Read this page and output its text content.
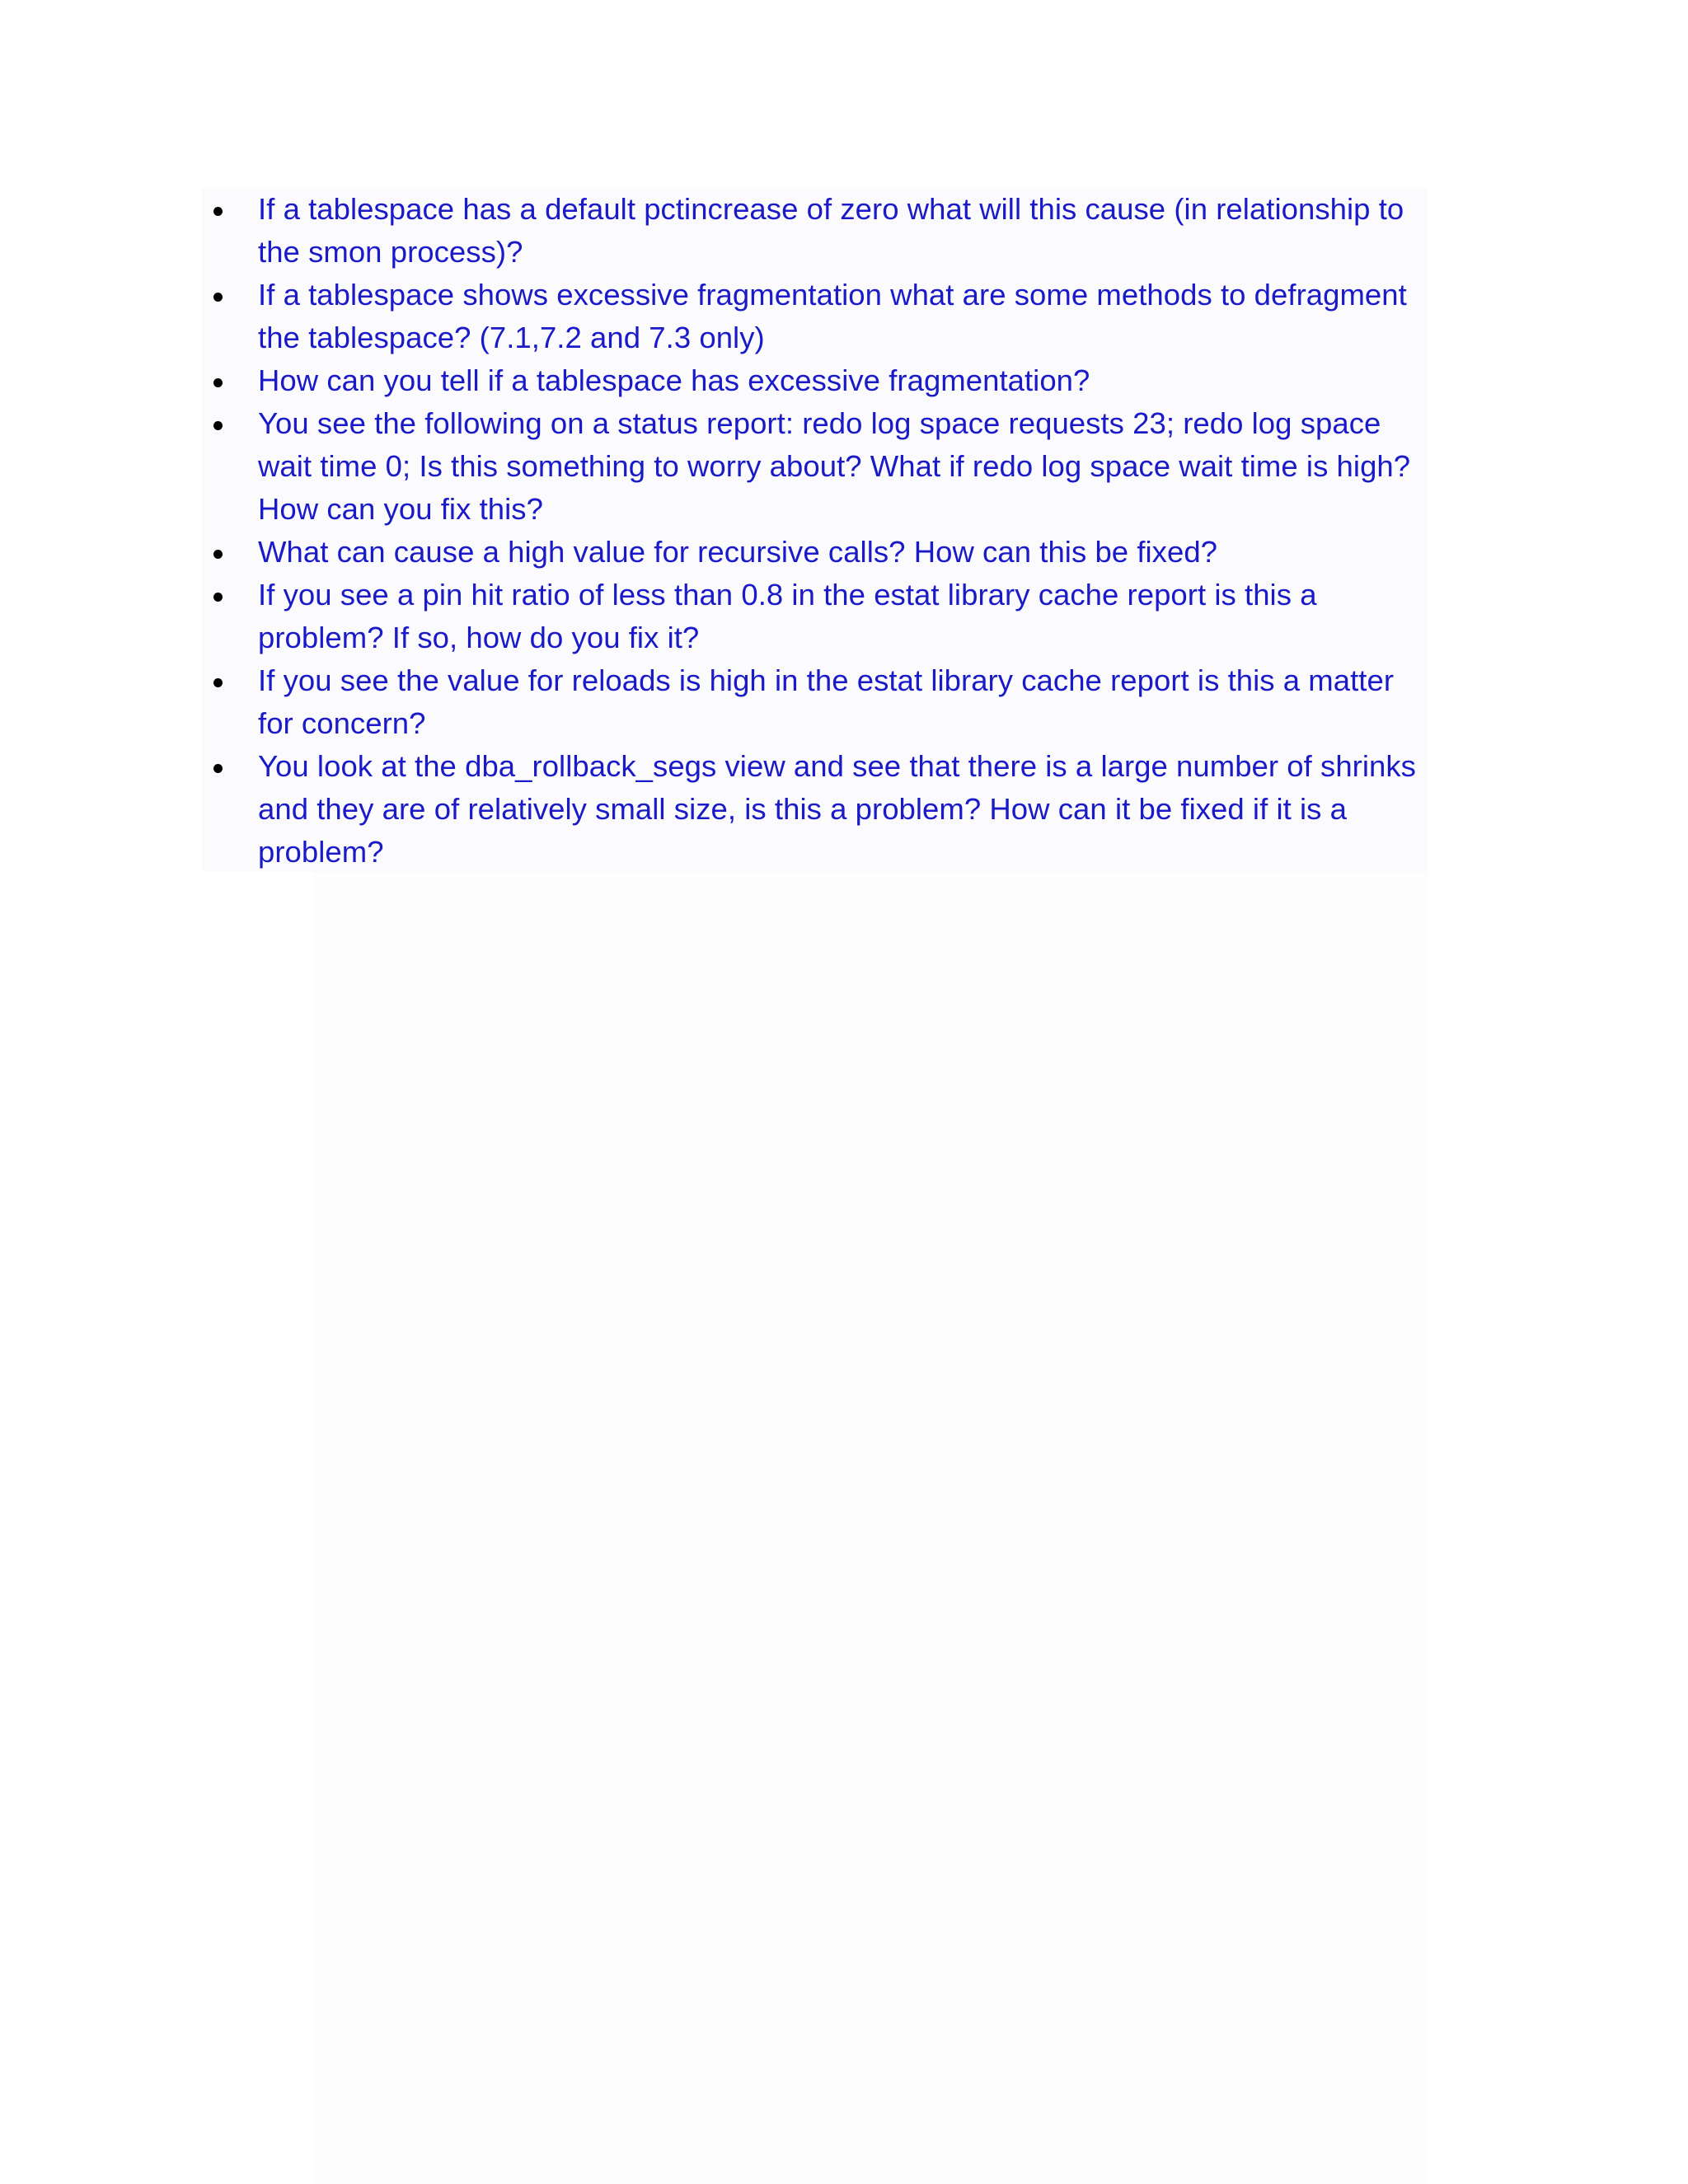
If a tablespace has a default pctincrease of zero what will this cause (in relationship to the smon process)?
If a tablespace shows excessive fragmentation what are some methods to defragment the tablespace? (7.1,7.2 and 7.3 only)
How can you tell if a tablespace has excessive fragmentation?
You see the following on a status report: redo log space requests 23; redo log space wait time 0; Is this something to worry about? What if redo log space wait time is high? How can you fix this?
What can cause a high value for recursive calls? How can this be fixed?
If you see a pin hit ratio of less than 0.8 in the estat library cache report is this a problem? If so, how do you fix it?
If you see the value for reloads is high in the estat library cache report is this a matter for concern?
You look at the dba_rollback_segs view and see that there is a large number of shrinks and they are of relatively small size, is this a problem? How can it be fixed if it is a problem?
